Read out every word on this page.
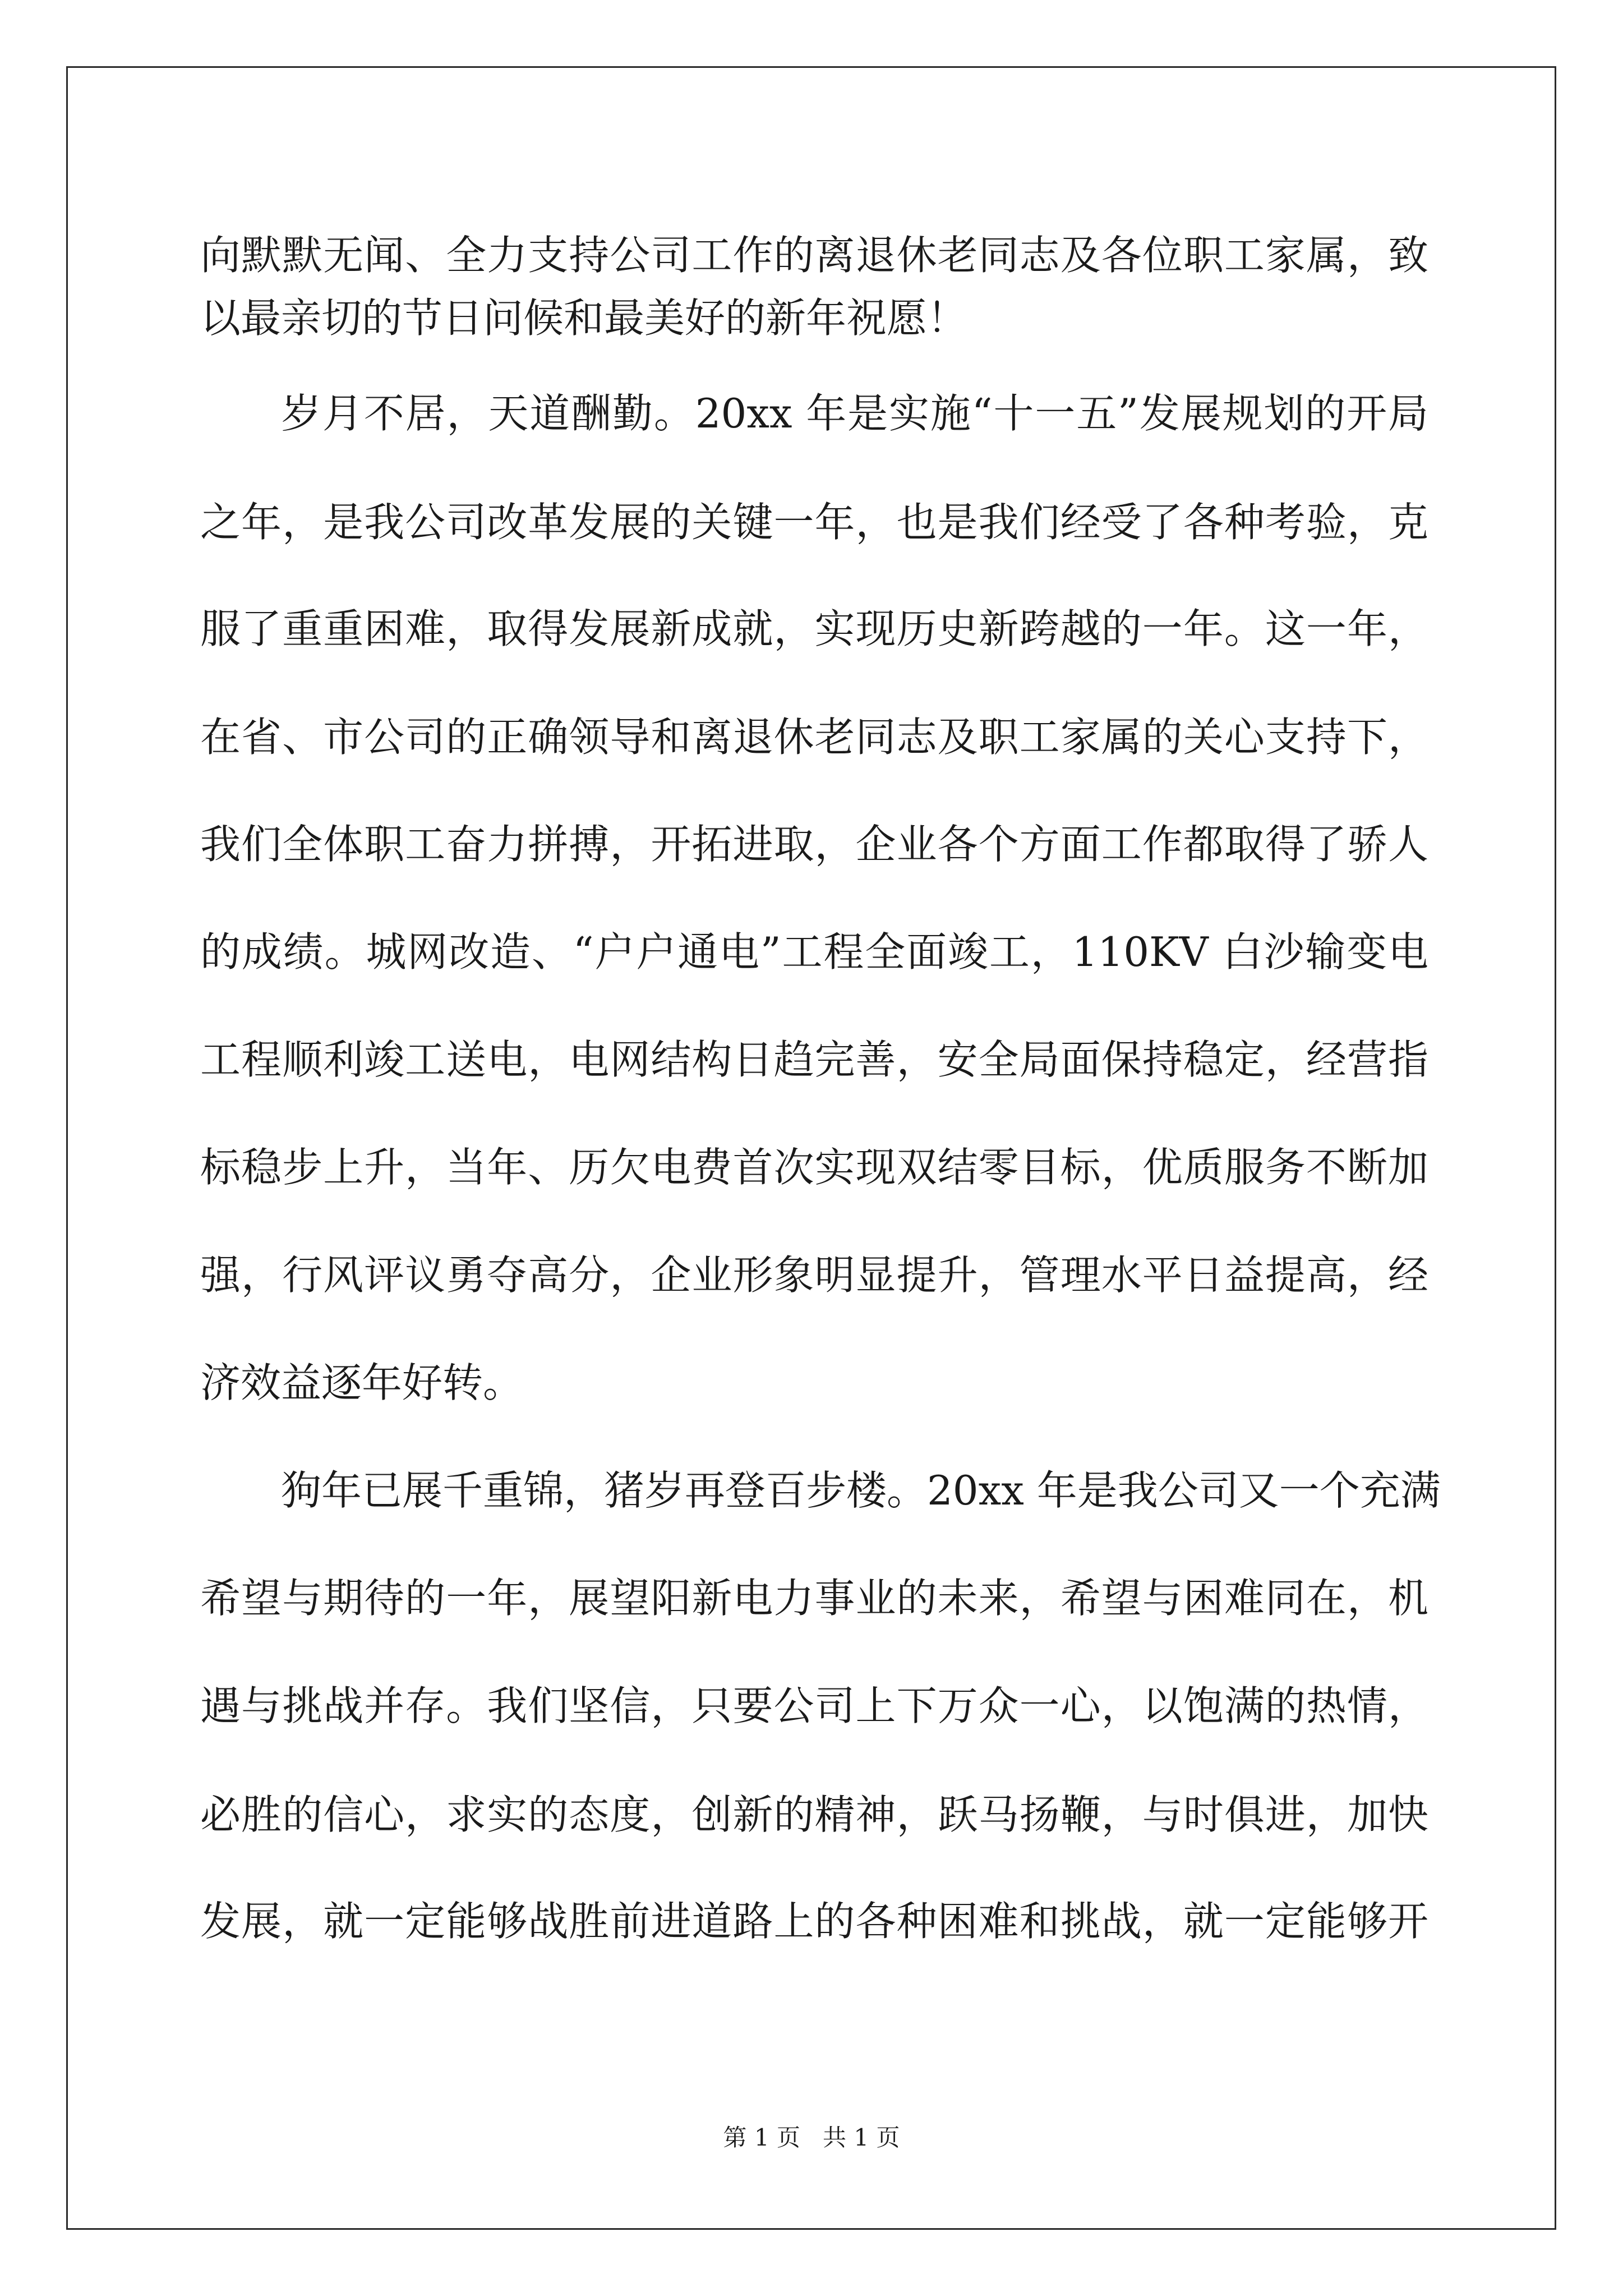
向默默无闻、全力支持公司工作的离退休老同志及各位职工家属，致
以最亲切的节日问候和最美好的新年祝愿！
岁月不居，天道酬勤。20xx 年是实施“十一五”发展规划的开局
之年，是我公司改革发展的关键一年，也是我们经受了各种考验，克
服了重重困难，取得发展新成就，实现历史新跨越的一年。这一年，
在省、市公司的正确领导和离退休老同志及职工家属的关心支持下，
我们全体职工奋力拼搏，开拓进取，企业各个方面工作都取得了骄人
的成绩。城网改造、“户户通电”工程全面竣工，110KV 白沙输变电
工程顺利竣工送电，电网结构日趋完善，安全局面保持稳定，经营指
标稳步上升，当年、历欠电费首次实现双结零目标，优质服务不断加
强，行风评议勇夺高分，企业形象明显提升，管理水平日益提高，经
济效益逐年好转。
狗年已展千重锦，猪岁再登百步楼。20xx 年是我公司又一个充满
希望与期待的一年，展望阳新电力事业的未来，希望与困难同在，机
遇与挑战并存。我们坚信，只要公司上下万众一心，以饱满的热情，
必胜的信心，求实的态度，创新的精神，跃马扬鞭，与时俱进，加快
发展，就一定能够战胜前进道路上的各种困难和挑战，就一定能够开
第 1 页 共 1 页
